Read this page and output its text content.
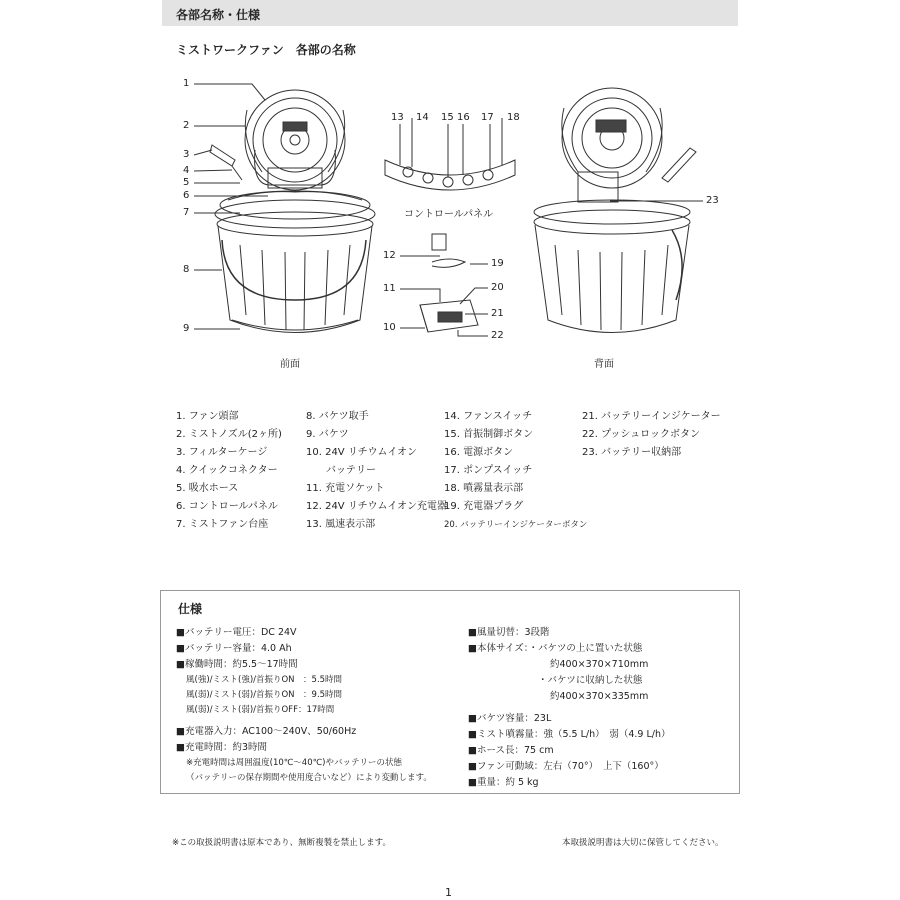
各部名称・仕様
ミストワークファン　各部の名称
1
2
3
4
5
6
7
8
9
13 14 15 16 17 18
コントロールパネル
12
19
11	20
21
10
22
23
前面	背面
1. ファン頭部
2. ミストノズル(2ヶ所)
3. フィルターケージ
4. クイックコネクター
5. 吸水ホース
6. コントロールパネル
7. ミストファン台座
8. バケツ取手
9. バケツ
10. 24V リチウムイオン
　　バッテリー
11. 充電ソケット
12. 24V リチウムイオン充電器
13. 風速表示部
14. ファンスイッチ
15. 首振制御ボタン
16. 電源ボタン
17. ポンプスイッチ
18. 噴霧量表示部
19. 充電器プラグ
20. バッテリーインジケーターボタン
21. バッテリーインジケーター
22. プッシュロックボタン
23. バッテリー収納部
仕様
■バッテリー電圧：DC 24V
■バッテリー容量：4.0 Ah
■稼働時間：約5.5〜17時間
風(強)/ミスト(強)/首振りON　：5.5時間
風(弱)/ミスト(弱)/首振りON　：9.5時間
風(弱)/ミスト(弱)/首振りOFF：17時間
■充電器入力：AC100〜240V、50/60Hz
■充電時間：約3時間
※充電時間は周囲温度(10℃〜40℃)やバッテリーの状態
（バッテリーの保存期間や使用度合いなど）により変動します。
■風量切替：3段階
■本体サイズ：・バケツの上に置いた状態
約400×370×710mm
・バケツに収納した状態
約400×370×335mm
■バケツ容量：23L
■ミスト噴霧量：強（5.5 L/h）　弱（4.9 L/h）
■ホース長：75 cm
■ファン可動域：左右（70°）　上下（160°）
■重量：約 5 kg
※この取扱説明書は原本であり、無断複製を禁止します。	本取扱説明書は大切に保管してください。
1
